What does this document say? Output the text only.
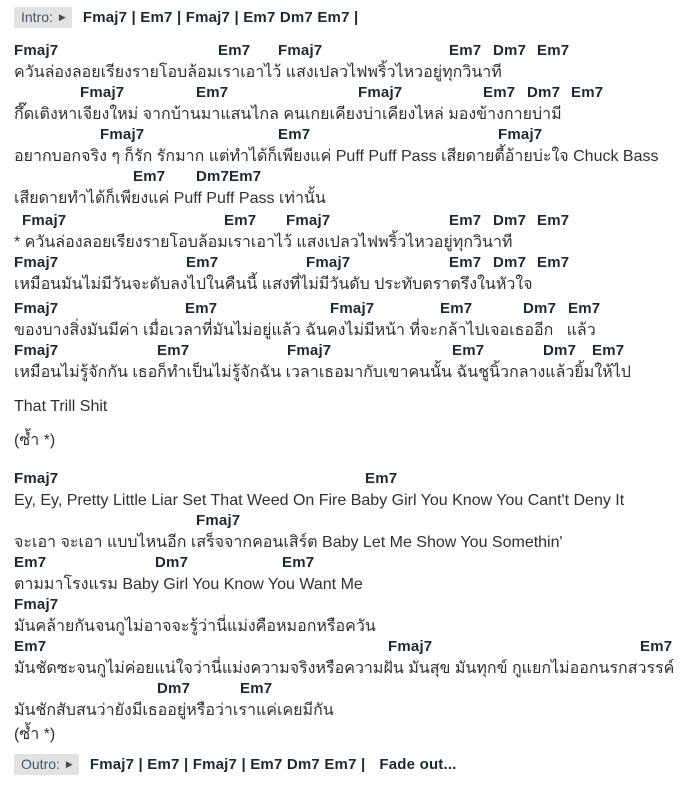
Intro: ▶ Fmaj7 | Em7 | Fmaj7 | Em7 Dm7 Em7 |
Fmaj7	Em7 Fmaj7	Em7 Dm7 Em7
ควันล่องลอยเรียงรายโอบล้อมเราเอาไว้ แสงเปลวไฟพริ้วไหวอยู่ทุกวินาที
Fmaj7	Em7	Fmaj7	Em7 Dm7 Em7
กึ๊ดเติงหาเจียงใหม่ จากบ้านมาแสนไกล คนเกยเคียงบ่าเคียงไหล่ มองข้างกายบ่ามี
Fmaj7	Em7	Fmaj7
อยากบอกจริง ๆ ก็รัก รักมาก แต่ทำได้ก็เพียงแค่ Puff Puff Pass เสียดายตี้อ้ายบ่ะใจ Chuck Bass
Em7 Dm7 Em7
เสียดายทำได้ก็เพียงแค่ Puff Puff Pass เท่านั้น
Fmaj7	Em7 Fmaj7	Em7 Dm7 Em7
* ควันล่องลอยเรียงรายโอบล้อมเราเอาไว้ แสงเปลวไฟพริ้วไหวอยู่ทุกวินาที
Fmaj7	Em7	Fmaj7	Em7 Dm7 Em7
เหมือนมันไม่มีวันจะดับลงไปในคืนนี้ แสงที่ไม่มีวันดับ ประทับตราตรึงในหัวใจ
Fmaj7	Em7	Fmaj7	Em7	Dm7 Em7
ของบางสิ่งมันมีค่า เมื่อเวลาที่มันไม่อยู่แล้ว ฉันคงไม่มีหน้า ที่จะกล้าไปเจอเธออีก   แล้ว
Fmaj7	Em7	Fmaj7	Em7	Dm7 Em7
เหมือนไม่รู้จักกัน เธอก็ทำเป็นไม่รู้จักฉัน เวลาเธอมากับเขาคนนั้น ฉันชูนิ้วกลางแล้วยิ้มให้ไป
That Trill Shit
(ซ้ำ *)
Fmaj7	Em7
Ey, Ey, Pretty Little Liar Set That Weed On Fire Baby Girl You Know You Cant't Deny It
Fmaj7
จะเอา จะเอา แบบไหนอีก เสร็จจากคอนเสิร์ต Baby Let Me Show You Somethin'
Em7	Dm7	Em7
ตามมาโรงแรม Baby Girl You Know You Want Me
Fmaj7
มันคล้ายกันจนกูไม่อาจจะรู้ว่านี่แม่งคือหมอกหรือควัน
Em7	Fmaj7	Em7
มันชัดซะจนกูไม่ค่อยแน่ใจว่านี่แม่งความจริงหรือความฝัน มันสุข มันทุกข์ กูแยกไม่ออกนรกสวรรค์
Dm7	Em7
มันชักสับสนว่ายังมีเธออยู่หรือว่าเราแค่เคยมีกัน
(ซ้ำ *)
Outro: ▶ Fmaj7 | Em7 | Fmaj7 | Em7 Dm7 Em7 | Fade out...
